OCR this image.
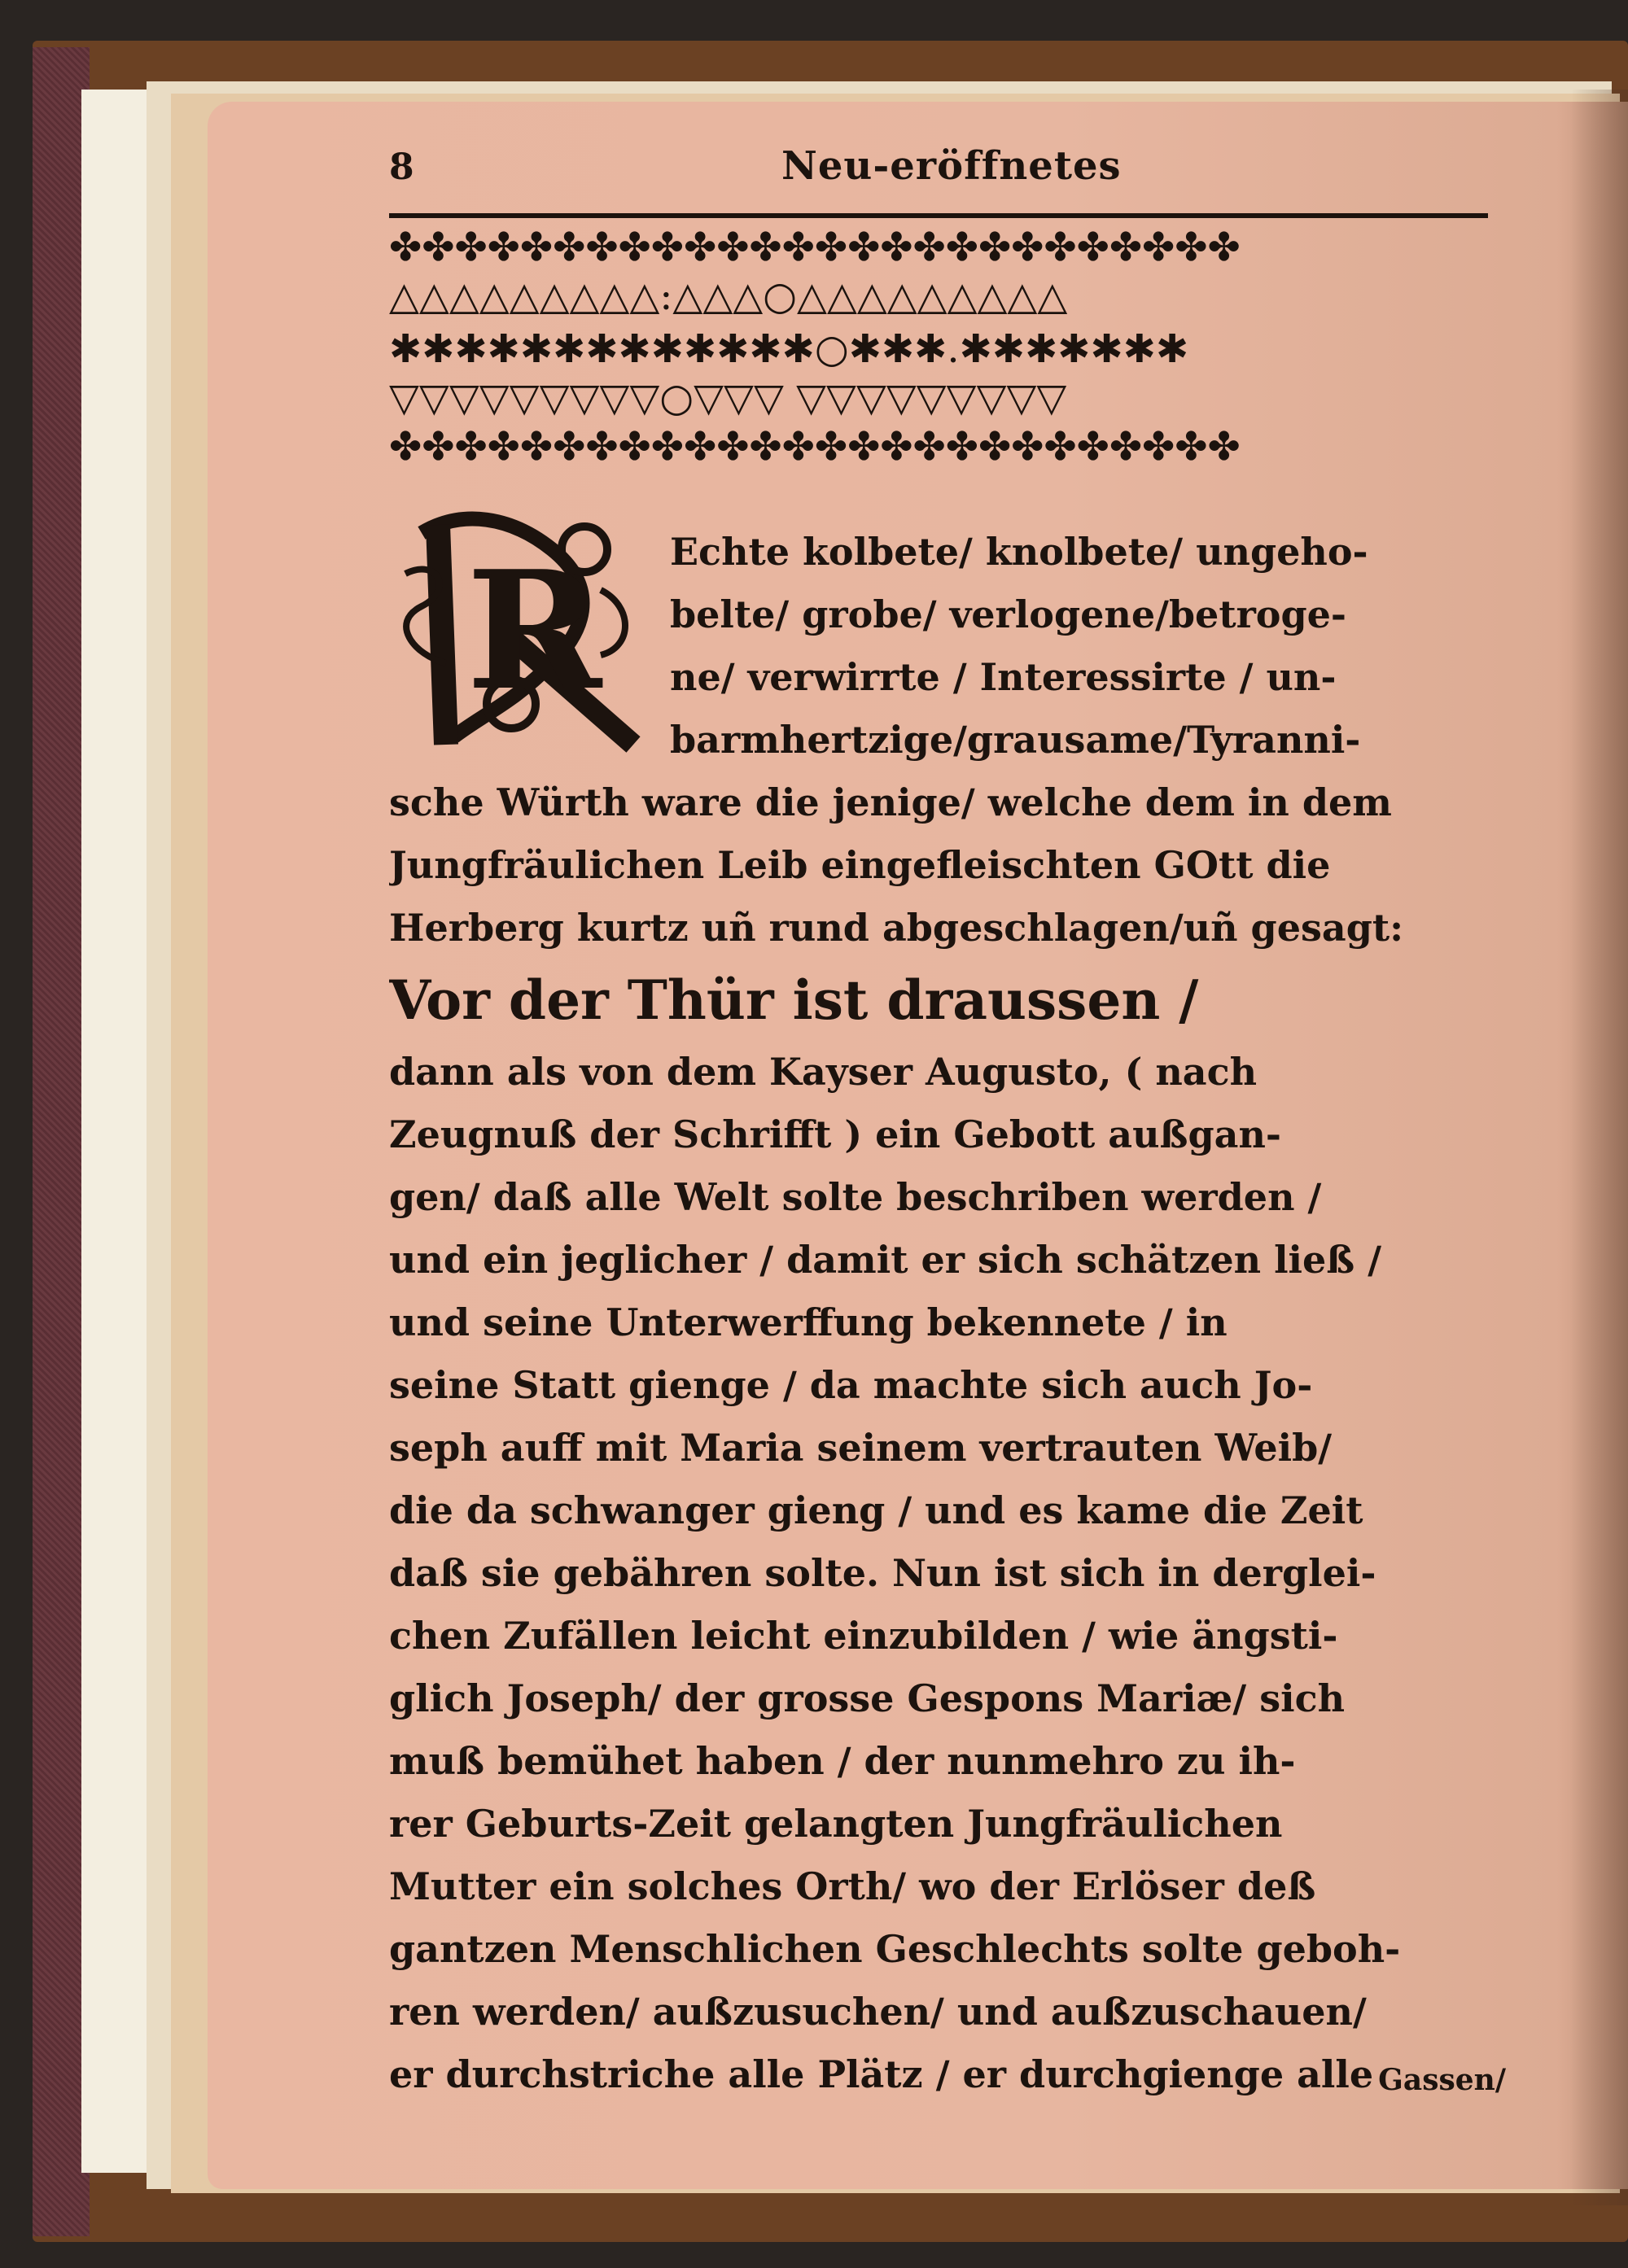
8	Neu-eröffnetes
✤✤✤✤✤✤✤✤✤✤✤✤✤✤✤✤✤✤✤✤✤✤✤✤✤✤
△△△△△△△△△:△△△○△△△△△△△△△
✱✱✱✱✱✱✱✱✱✱✱✱✱○✱✱✱.✱✱✱✱✱✱✱
▽▽▽▽▽▽▽▽▽○▽▽▽ ▽▽▽▽▽▽▽▽▽
✤✤✤✤✤✤✤✤✤✤✤✤✤✤✤✤✤✤✤✤✤✤✤✤✤✤
R	Echte kolbete/ knolbete/ ungeho-
belte/ grobe/ verlogene/betroge-
ne/ verwirrte / Interessirte / un-
barmhertzige/grausame/Tyranni-
sche Würth ware die jenige/ welche dem in dem
Jungfräulichen Leib eingefleischten GOtt die
Herberg kurtz uñ rund abgeschlagen/uñ gesagt:
Vor der Thür ist draussen /
dann als von dem Kayser Augusto, ( nach
Zeugnuß der Schrifft ) ein Gebott außgan-
gen/ daß alle Welt solte beschriben werden /
und ein jeglicher / damit er sich schätzen ließ /
und seine Unterwerffung bekennete / in
seine Statt gienge / da machte sich auch Jo-
seph auff mit Maria seinem vertrauten Weib/
die da schwanger gieng / und es kame die Zeit
daß sie gebähren solte. Nun ist sich in derglei-
chen Zufällen leicht einzubilden / wie ängsti-
glich Joseph/ der grosse Gespons Mariæ/ sich
muß bemühet haben / der nunmehro zu ih-
rer Geburts-Zeit gelangten Jungfräulichen
Mutter ein solches Orth/ wo der Erlöser deß
gantzen Menschlichen Geschlechts solte geboh-
ren werden/ außzusuchen/ und außzuschauen/
er durchstriche alle Plätz / er durchgienge alle Gassen/
